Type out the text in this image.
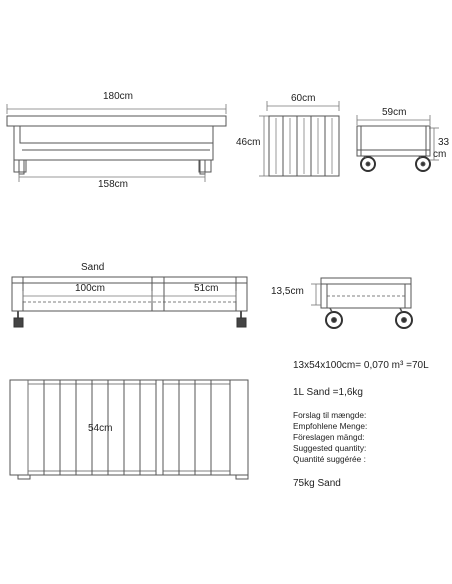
180cm
158cm
46cm
60cm
59cm
33
cm
Sand
100cm	51cm	13,5cm
54cm
13x54x100cm= 0,070 m³ =70L
1L Sand =1,6kg
Forslag til mængde:
Empfohlene Menge:
Föreslagen mängd:
Suggested quantity:
Quantité suggérée :
75kg Sand
